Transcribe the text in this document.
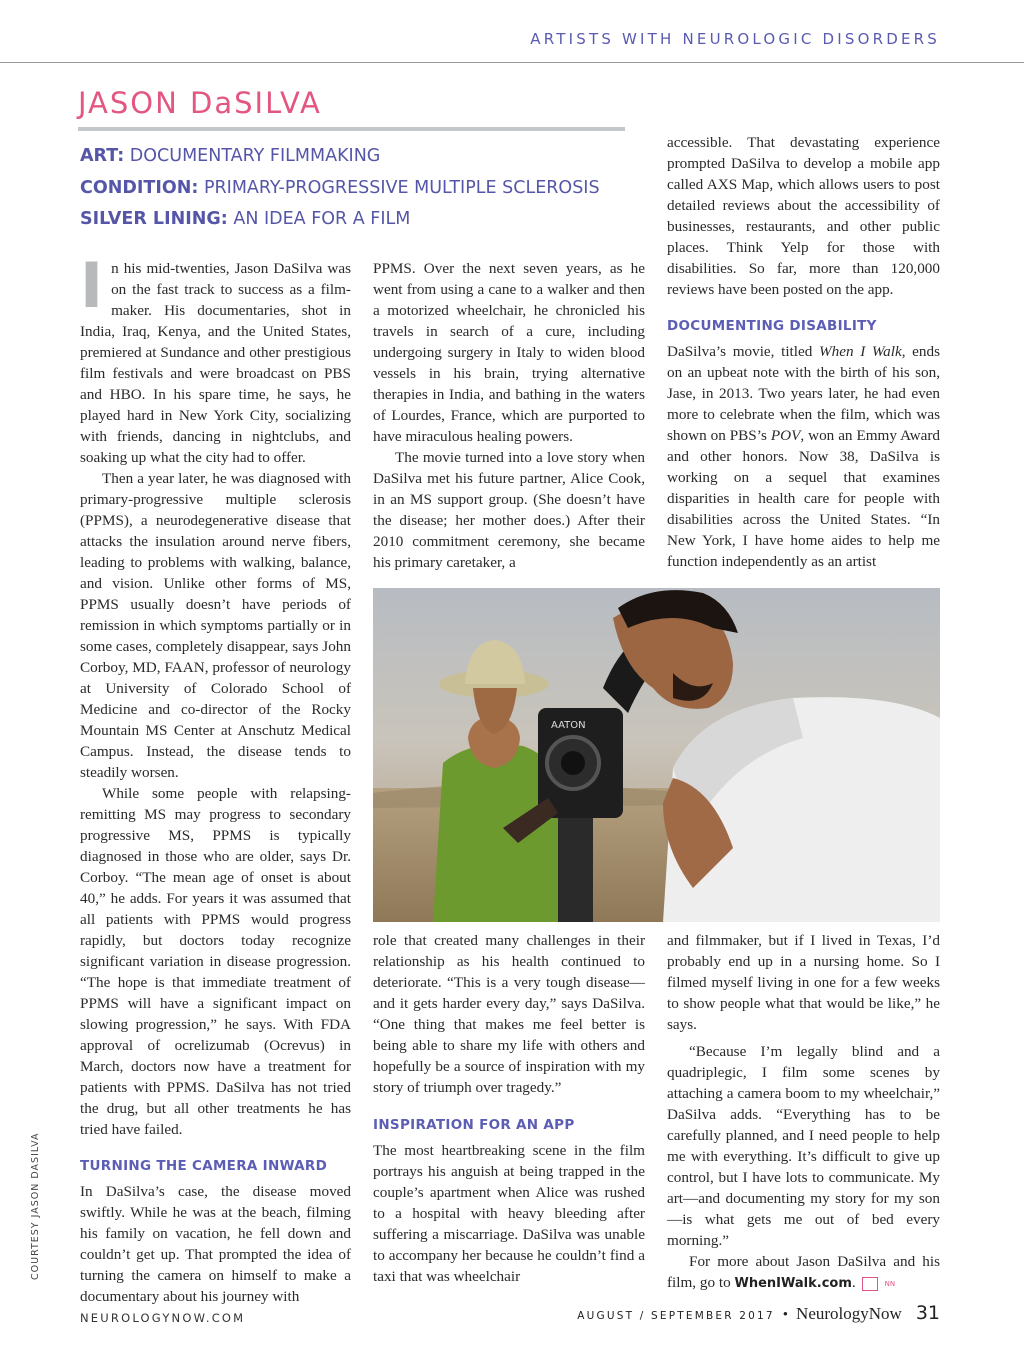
ARTISTS WITH NEUROLOGIC DISORDERS
JASON DaSILVA
ART: DOCUMENTARY FILMMAKING
CONDITION: PRIMARY-PROGRESSIVE MULTIPLE SCLEROSIS
SILVER LINING: AN IDEA FOR A FILM

In his mid-twenties, Jason DaSilva was on the fast track to success as a film-maker. His documentaries, shot in India, Iraq, Kenya, and the United States, premiered at Sundance and other prestigious film festivals and were broadcast on PBS and HBO. In his spare time, he says, he played hard in New York City, socializing with friends, dancing in nightclubs, and soaking up what the city had to offer.

Then a year later, he was diagnosed with primary-progressive multiple sclerosis (PPMS), a neurodegenerative disease that attacks the insulation around nerve fibers, leading to problems with walking, balance, and vision. Unlike other forms of MS, PPMS usually doesn’t have periods of remission in which symptoms partially or in some cases, completely disappear, says John Corboy, MD, FAAN, professor of neurology at University of Colorado School of Medicine and co-director of the Rocky Mountain MS Center at Anschutz Medical Campus. Instead, the disease tends to steadily worsen.

While some people with relapsing-remitting MS may progress to secondary progressive MS, PPMS is typically diagnosed in those who are older, says Dr. Corboy. “The mean age of onset is about 40,” he adds. For years it was assumed that all patients with PPMS would progress rapidly, but doctors today recognize significant variation in disease progression. “The hope is that immediate treatment of PPMS will have a significant impact on slowing progression,” he says. With FDA approval of ocrelizumab (Ocrevus) in March, doctors now have a treatment for patients with PPMS. DaSilva has not tried the drug, but all other treatments he has tried have failed.

TURNING THE CAMERA INWARD

In DaSilva’s case, the disease moved swiftly. While he was at the beach, filming his family on vacation, he fell down and couldn’t get up. That prompted the idea of turning the camera on himself to make a documentary about his journey with

PPMS. Over the next seven years, as he went from using a cane to a walker and then a motorized wheelchair, he chronicled his travels in search of a cure, including undergoing surgery in Italy to widen blood vessels in his brain, trying alternative therapies in India, and bathing in the waters of Lourdes, France, which are purported to have miraculous healing powers.

The movie turned into a love story when DaSilva met his future partner, Alice Cook, in an MS support group. (She doesn’t have the disease; her mother does.) After their 2010 commitment ceremony, she became his primary caretaker, a

accessible. That devastating experience prompted DaSilva to develop a mobile app called AXS Map, which allows users to post detailed reviews about the accessibility of businesses, restaurants, and other public places. Think Yelp for those with disabilities. So far, more than 120,000 reviews have been posted on the app.

DOCUMENTING DISABILITY

DaSilva’s movie, titled When I Walk, ends on an upbeat note with the birth of his son, Jase, in 2013. Two years later, he had even more to celebrate when the film, which was shown on PBS’s POV, won an Emmy Award and other honors. Now 38, DaSilva is working on a sequel that examines disparities in health care for people with disabilities across the United States. “In New York, I have home aides to help me function independently as an artist

AATON

role that created many challenges in their relationship as his health continued to deteriorate. “This is a very tough disease—and it gets harder every day,” says DaSilva. “One thing that makes me feel better is being able to share my life with others and hopefully be a source of inspiration with my story of triumph over tragedy.”

INSPIRATION FOR AN APP

The most heartbreaking scene in the film portrays his anguish at being trapped in the couple’s apartment when Alice was rushed to a hospital with heavy bleeding after suffering a miscarriage. DaSilva was unable to accompany her because he couldn’t find a taxi that was wheelchair

and filmmaker, but if I lived in Texas, I’d probably end up in a nursing home. So I filmed myself living in one for a few weeks to show people what that would be like,” he says.

“Because I’m legally blind and a quadriplegic, I film some scenes by attaching a camera boom to my wheelchair,” DaSilva adds. “Everything has to be carefully planned, and I need people to help me with everything. It’s difficult to give up control, but I have lots to communicate. My art—and documenting my story for my son—is what gets me out of bed every morning.”

For more about Jason DaSilva and his film, go to WhenIWalk.com.	NN

COURTESY JASON DASILVA
NEUROLOGYNOW.COM	AUGUST / SEPTEMBER 2017 • NeurologyNow 31
